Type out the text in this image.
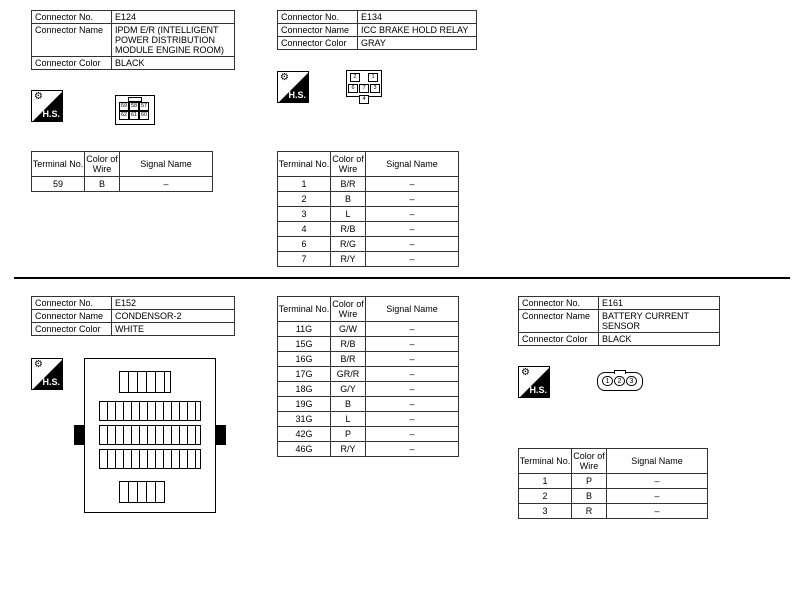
Connector No.	E124
Connector Name	IPDM E/R (INTELLIGENT POWER DISTRIBUTION MODULE ENGINE ROOM)
Connector Color	BLACK
⚙
H.S.
59 58 57
62 61 60
Terminal No.	Color of Wire	Signal Name
59	B	–
Connector No.	E134
Connector Name	ICC BRAKE HOLD RELAY
Connector Color	GRAY
⚙
H.S.
2	1
6	7	3
4
Terminal No.	Color of Wire	Signal Name
1	B/R	–
2	B	–
3	L	–
4	R/B	–
6	R/G	–
7	R/Y	–
Connector No.	E152
Connector Name	CONDENSOR-2
Connector Color	WHITE
⚙
H.S.
Terminal No.	Color of Wire	Signal Name
11G	G/W	–
15G	R/B	–
16G	B/R	–
17G	GR/R	–
18G	G/Y	–
19G	B	–
31G	L	–
42G	P	–
46G	R/Y	–
Connector No.	E161
Connector Name	BATTERY CURRENT SENSOR
Connector Color	BLACK
⚙
H.S.
1	2	3
Terminal No.	Color of Wire	Signal Name
1	P	–
2	B	–
3	R	–
